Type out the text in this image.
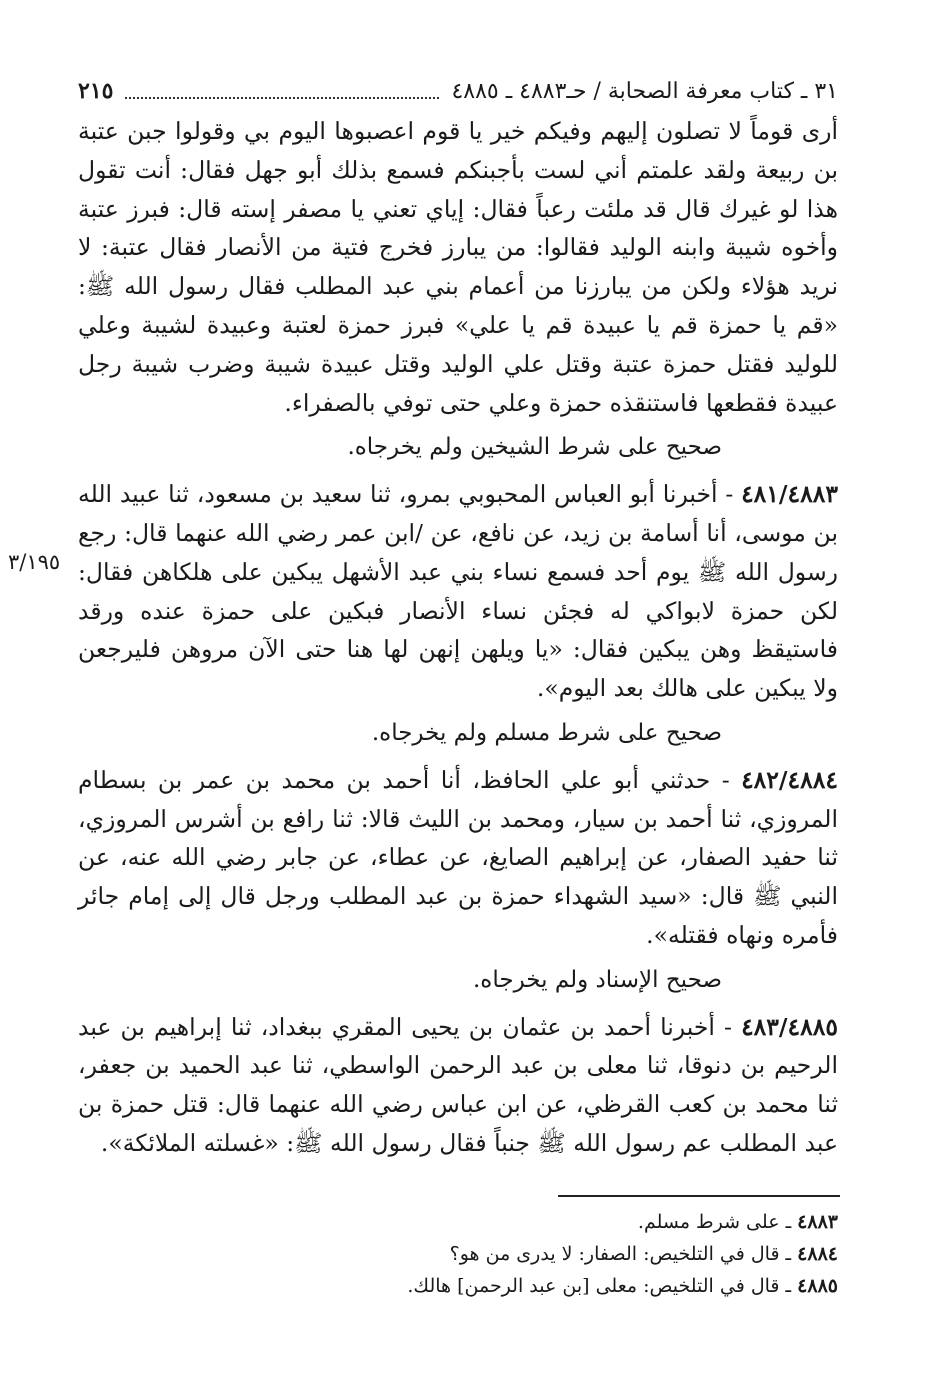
٣١ ـ كتاب معرفة الصحابة / حـ٤٨٨٣ ـ ٤٨٨٥
٢١٥

أرى قوماً لا تصلون إليهم وفيكم خير يا قوم اعصبوها اليوم بي وقولوا جبن عتبة بن ربيعة ولقد علمتم أني لست بأجبنكم فسمع بذلك أبو جهل فقال: أنت تقول هذا لو غيرك قال قد ملئت رعباً فقال: إياي تعني يا مصفر إسته قال: فبرز عتبة وأخوه شيبة وابنه الوليد فقالوا: من يبارز فخرج فتية من الأنصار فقال عتبة: لا نريد هؤلاء ولكن من يبارزنا من أعمام بني عبد المطلب فقال رسول الله ﷺ: «قم يا حمزة قم يا عبيدة قم يا علي» فبرز حمزة لعتبة وعبيدة لشيبة وعلي للوليد فقتل حمزة عتبة وقتل علي الوليد وقتل عبيدة شيبة وضرب شيبة رجل عبيدة فقطعها فاستنقذه حمزة وعلي حتى توفي بالصفراء.

صحيح على شرط الشيخين ولم يخرجاه.

٤٨١/٤٨٨٣ - أخبرنا أبو العباس المحبوبي بمرو، ثنا سعيد بن مسعود، ثنا عبيد الله بن موسى، أنا أسامة بن زيد، عن نافع، عن /ابن عمر رضي الله عنهما قال: رجع رسول الله ﷺ يوم أحد فسمع نساء بني عبد الأشهل يبكين على هلكاهن فقال: لكن حمزة لابواكي له فجئن نساء الأنصار فبكين على حمزة عنده ورقد فاستيقظ وهن يبكين فقال: «يا ويلهن إنهن لها هنا حتى الآن مروهن فليرجعن ولا يبكين على هالك بعد اليوم».

صحيح على شرط مسلم ولم يخرجاه.

٤٨٢/٤٨٨٤ - حدثني أبو علي الحافظ، أنا أحمد بن محمد بن عمر بن بسطام المروزي، ثنا أحمد بن سيار، ومحمد بن الليث قالا: ثنا رافع بن أشرس المروزي، ثنا حفيد الصفار، عن إبراهيم الصايغ، عن عطاء، عن جابر رضي الله عنه، عن النبي ﷺ قال: «سيد الشهداء حمزة بن عبد المطلب ورجل قال إلى إمام جائر فأمره ونهاه فقتله».

صحيح الإسناد ولم يخرجاه.

٤٨٣/٤٨٨٥ - أخبرنا أحمد بن عثمان بن يحيى المقري ببغداد، ثنا إبراهيم بن عبد الرحيم بن دنوقا، ثنا معلى بن عبد الرحمن الواسطي، ثنا عبد الحميد بن جعفر، ثنا محمد بن كعب القرظي، عن ابن عباس رضي الله عنهما قال: قتل حمزة بن عبد المطلب عم رسول الله ﷺ جنباً فقال رسول الله ﷺ: «غسلته الملائكة».

٣/١٩٥

٤٨٨٣ ـ على شرط مسلم.

٤٨٨٤ ـ قال في التلخيص: الصفار: لا يدرى من هو؟

٤٨٨٥ ـ قال في التلخيص: معلى [بن عبد الرحمن] هالك.
